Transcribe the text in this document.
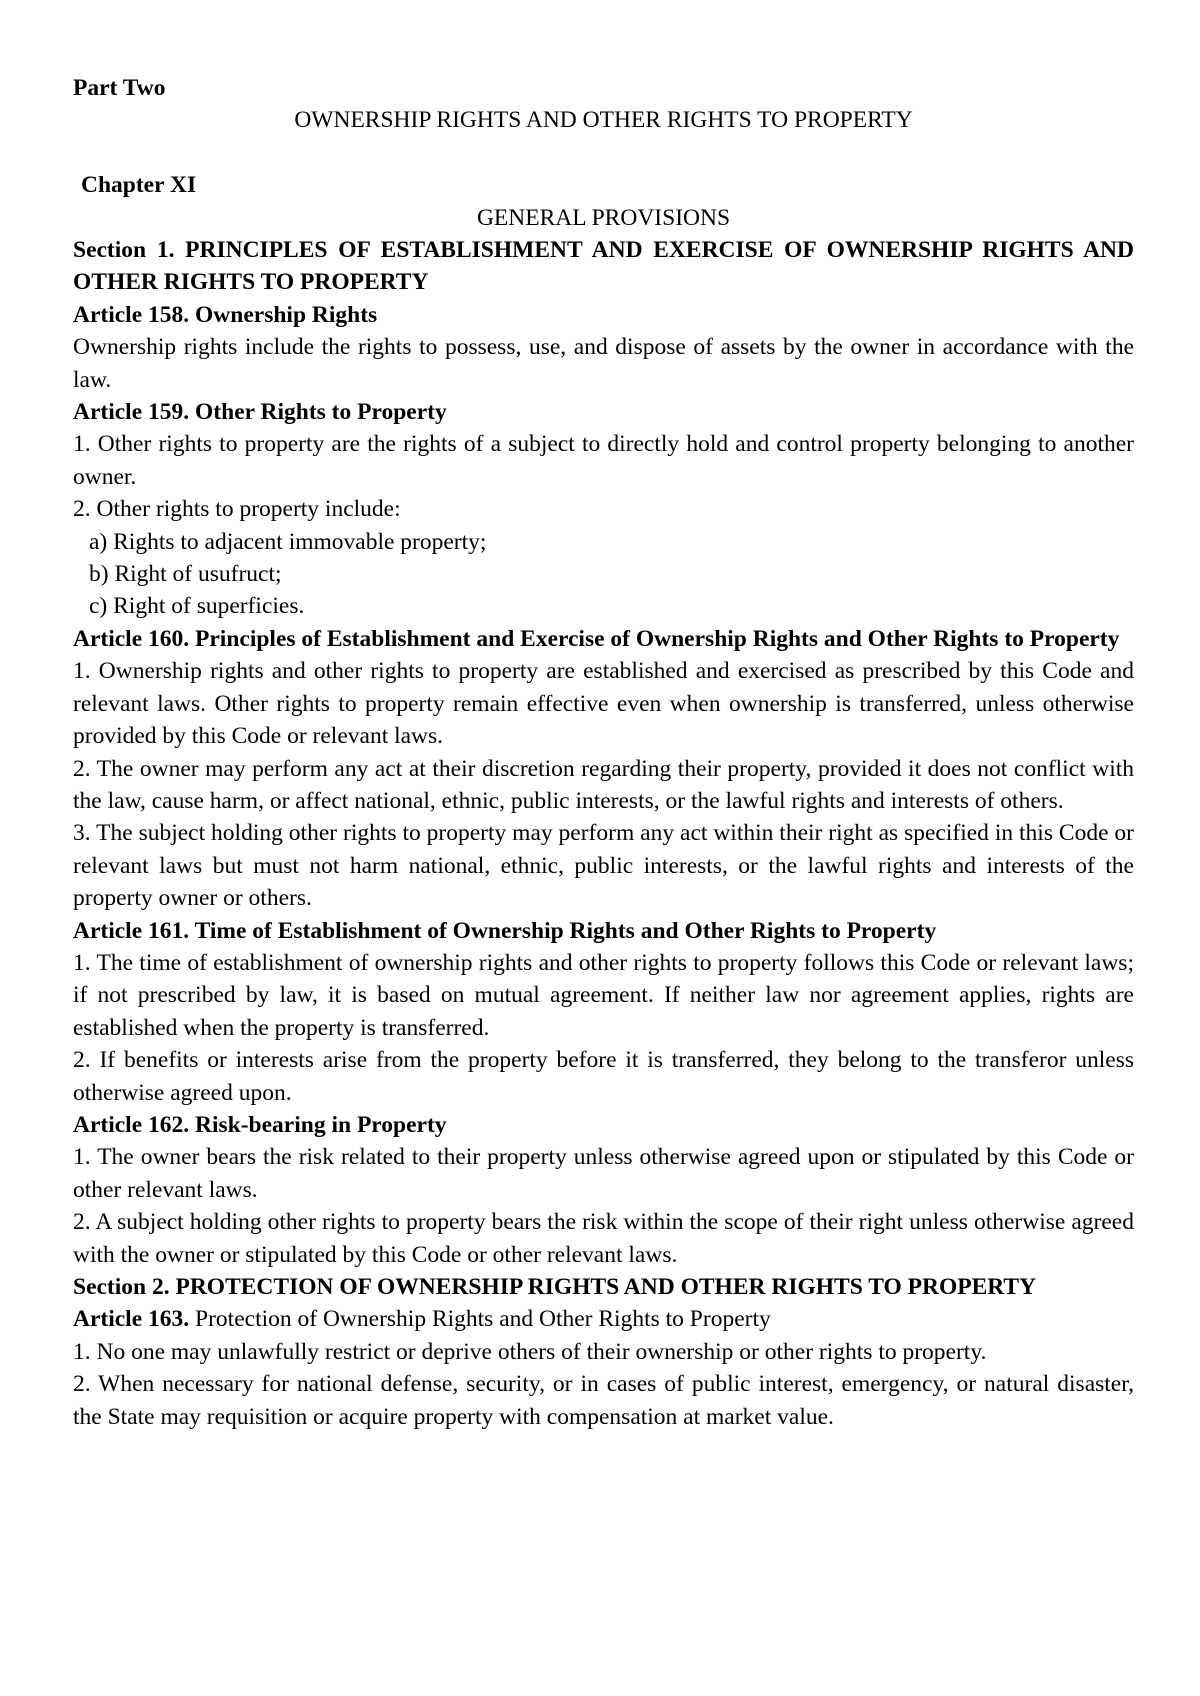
Part Two

OWNERSHIP RIGHTS AND OTHER RIGHTS TO PROPERTY

Chapter XI

GENERAL PROVISIONS

Section 1. PRINCIPLES OF ESTABLISHMENT AND EXERCISE OF OWNERSHIP RIGHTS AND OTHER RIGHTS TO PROPERTY

Article 158. Ownership Rights

Ownership rights include the rights to possess, use, and dispose of assets by the owner in accordance with the law.

Article 159. Other Rights to Property

1. Other rights to property are the rights of a subject to directly hold and control property belonging to another owner.

2. Other rights to property include:

a) Rights to adjacent immovable property;

b) Right of usufruct;

c) Right of superficies.

Article 160. Principles of Establishment and Exercise of Ownership Rights and Other Rights to Property

1. Ownership rights and other rights to property are established and exercised as prescribed by this Code and relevant laws. Other rights to property remain effective even when ownership is transferred, unless otherwise provided by this Code or relevant laws.

2. The owner may perform any act at their discretion regarding their property, provided it does not conflict with the law, cause harm, or affect national, ethnic, public interests, or the lawful rights and interests of others.

3. The subject holding other rights to property may perform any act within their right as specified in this Code or relevant laws but must not harm national, ethnic, public interests, or the lawful rights and interests of the property owner or others.

Article 161. Time of Establishment of Ownership Rights and Other Rights to Property

1. The time of establishment of ownership rights and other rights to property follows this Code or relevant laws; if not prescribed by law, it is based on mutual agreement. If neither law nor agreement applies, rights are established when the property is transferred.

2. If benefits or interests arise from the property before it is transferred, they belong to the transferor unless otherwise agreed upon.

Article 162. Risk-bearing in Property

1. The owner bears the risk related to their property unless otherwise agreed upon or stipulated by this Code or other relevant laws.

2. A subject holding other rights to property bears the risk within the scope of their right unless otherwise agreed with the owner or stipulated by this Code or other relevant laws.

Section 2. PROTECTION OF OWNERSHIP RIGHTS AND OTHER RIGHTS TO PROPERTY

Article 163. Protection of Ownership Rights and Other Rights to Property

1. No one may unlawfully restrict or deprive others of their ownership or other rights to property.

2. When necessary for national defense, security, or in cases of public interest, emergency, or natural disaster, the State may requisition or acquire property with compensation at market value.
